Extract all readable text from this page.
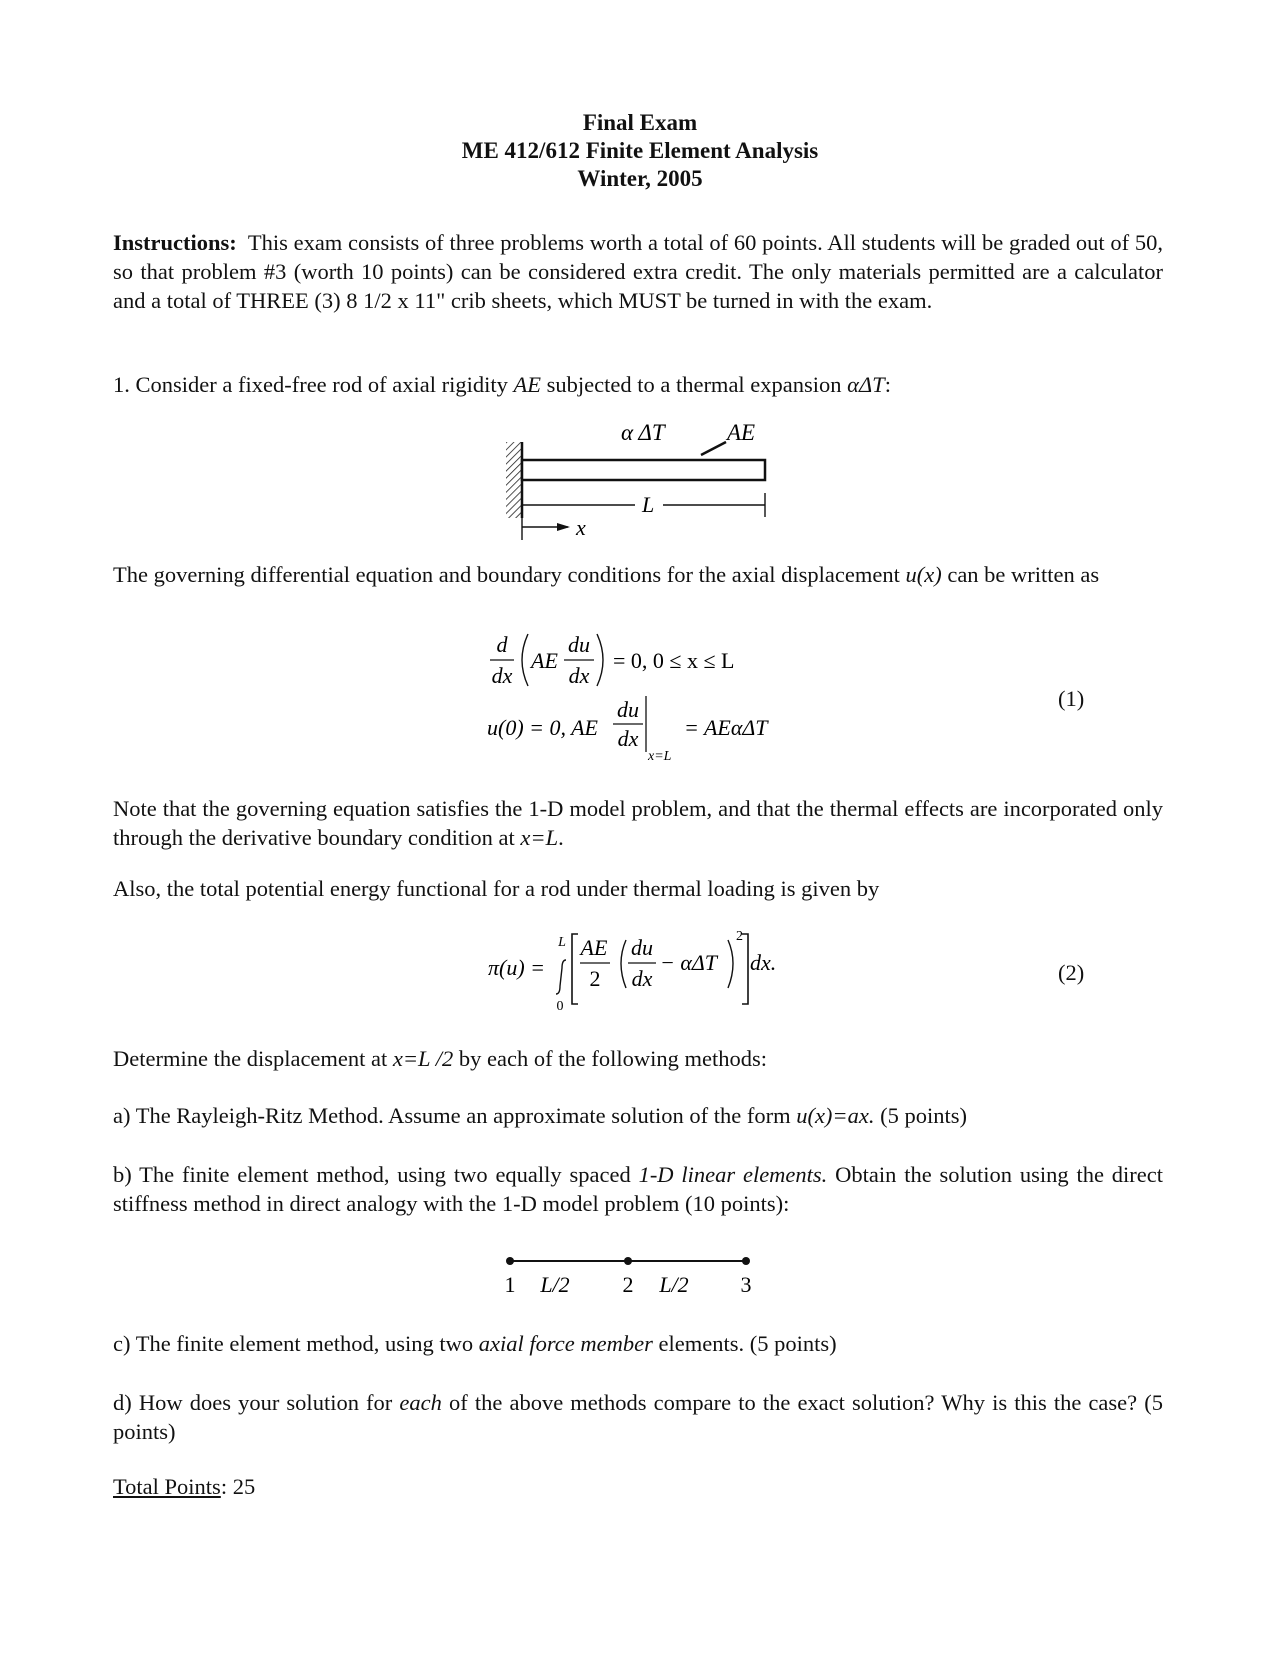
Final Exam
ME 412/612 Finite Element Analysis
Winter, 2005
Instructions: This exam consists of three problems worth a total of 60 points. All students will be graded out of 50, so that problem #3 (worth 10 points) can be considered extra credit. The only materials permitted are a calculator and a total of THREE (3) 8 1/2 x 11" crib sheets, which MUST be turned in with the exam.
1. Consider a fixed-free rod of axial rigidity AE subjected to a thermal expansion αΔT:
α ΔT	AE
L
x
The governing differential equation and boundary conditions for the axial displacement u(x) can be written as
d
dx
AE
du
dx
= 0, 0 ≤ x ≤ L
u(0) = 0, AE
du
dx
x=L
= AEαΔT
(1)
Note that the governing equation satisfies the 1-D model problem, and that the thermal effects are incorporated only through the derivative boundary condition at x=L.
Also, the total potential energy functional for a rod under thermal loading is given by
π(u) =
L
0
AE
2
du
dx
− αΔT
2
dx.	(2)
Determine the displacement at x=L /2 by each of the following methods:
a) The Rayleigh-Ritz Method. Assume an approximate solution of the form u(x)=ax. (5 points)
b) The finite element method, using two equally spaced 1-D linear elements. Obtain the solution using the direct stiffness method in direct analogy with the 1-D model problem (10 points):
1 L/2 2 L/2 3
c) The finite element method, using two axial force member elements. (5 points)
d) How does your solution for each of the above methods compare to the exact solution? Why is this the case? (5 points)
Total Points: 25
